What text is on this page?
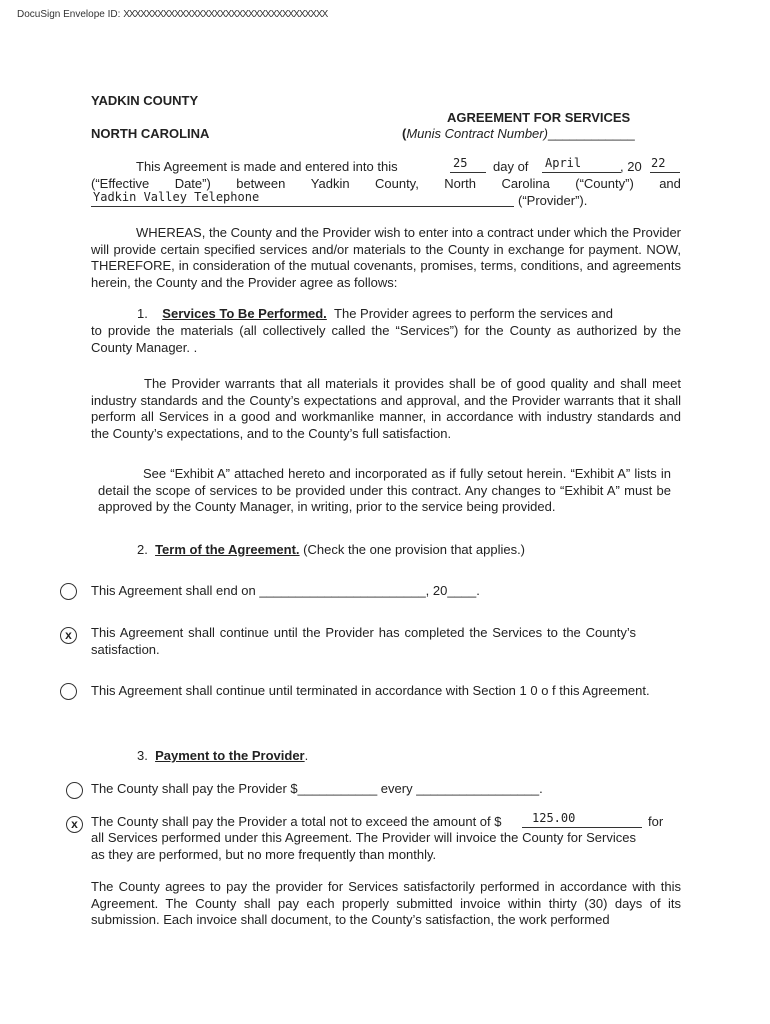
DocuSign Envelope ID: XXXXXXXXXXXXXXXXXXXXXXXXXXXXXXXXXXXX
YADKIN COUNTY
AGREEMENT FOR SERVICES
NORTH CAROLINA	(Munis Contract Number)____________
This Agreement is made and entered into this	25 day of April	, 20 22
(“Effective Date”) between Yadkin County, North Carolina (“County”) and
Yadkin Valley Telephone	(“Provider”).
WHEREAS, the County and the Provider wish to enter into a contract under which the Provider will provide certain specified services and/or materials to the County in exchange for payment. NOW, THEREFORE, in consideration of the mutual covenants, promises, terms, conditions, and agreements herein, the County and the Provider agree as follows:
1. Services To Be Performed. The Provider agrees to perform the services and
to provide the materials (all collectively called the “Services”) for the County as authorized by the County Manager. .
The Provider warrants that all materials it provides shall be of good quality and shall meet industry standards and the County’s expectations and approval, and the Provider warrants that it shall perform all Services in a good and workmanlike manner, in accordance with industry standards and the County’s expectations, and to the County’s full satisfaction.
See “Exhibit A” attached hereto and incorporated as if fully setout herein. “Exhibit A” lists in detail the scope of services to be provided under this contract. Any changes to “Exhibit A” must be approved by the County Manager, in writing, prior to the service being provided.
2. Term of the Agreement. (Check the one provision that applies.)
This Agreement shall end on _______________________, 20____.
x	This Agreement shall continue until the Provider has completed the Services to the County’s satisfaction.
This Agreement shall continue until terminated in accordance with Section 1 0 o f this Agreement.
3. Payment to the Provider.
The County shall pay the Provider $___________ every _________________.
x	The County shall pay the Provider a total not to exceed the amount of $	125.00	for
all Services performed under this Agreement. The Provider will invoice the County for Services as they are performed, but no more frequently than monthly.
The County agrees to pay the provider for Services satisfactorily performed in accordance with this Agreement. The County shall pay each properly submitted invoice within thirty (30) days of its submission. Each invoice shall document, to the County’s satisfaction, the work performed
